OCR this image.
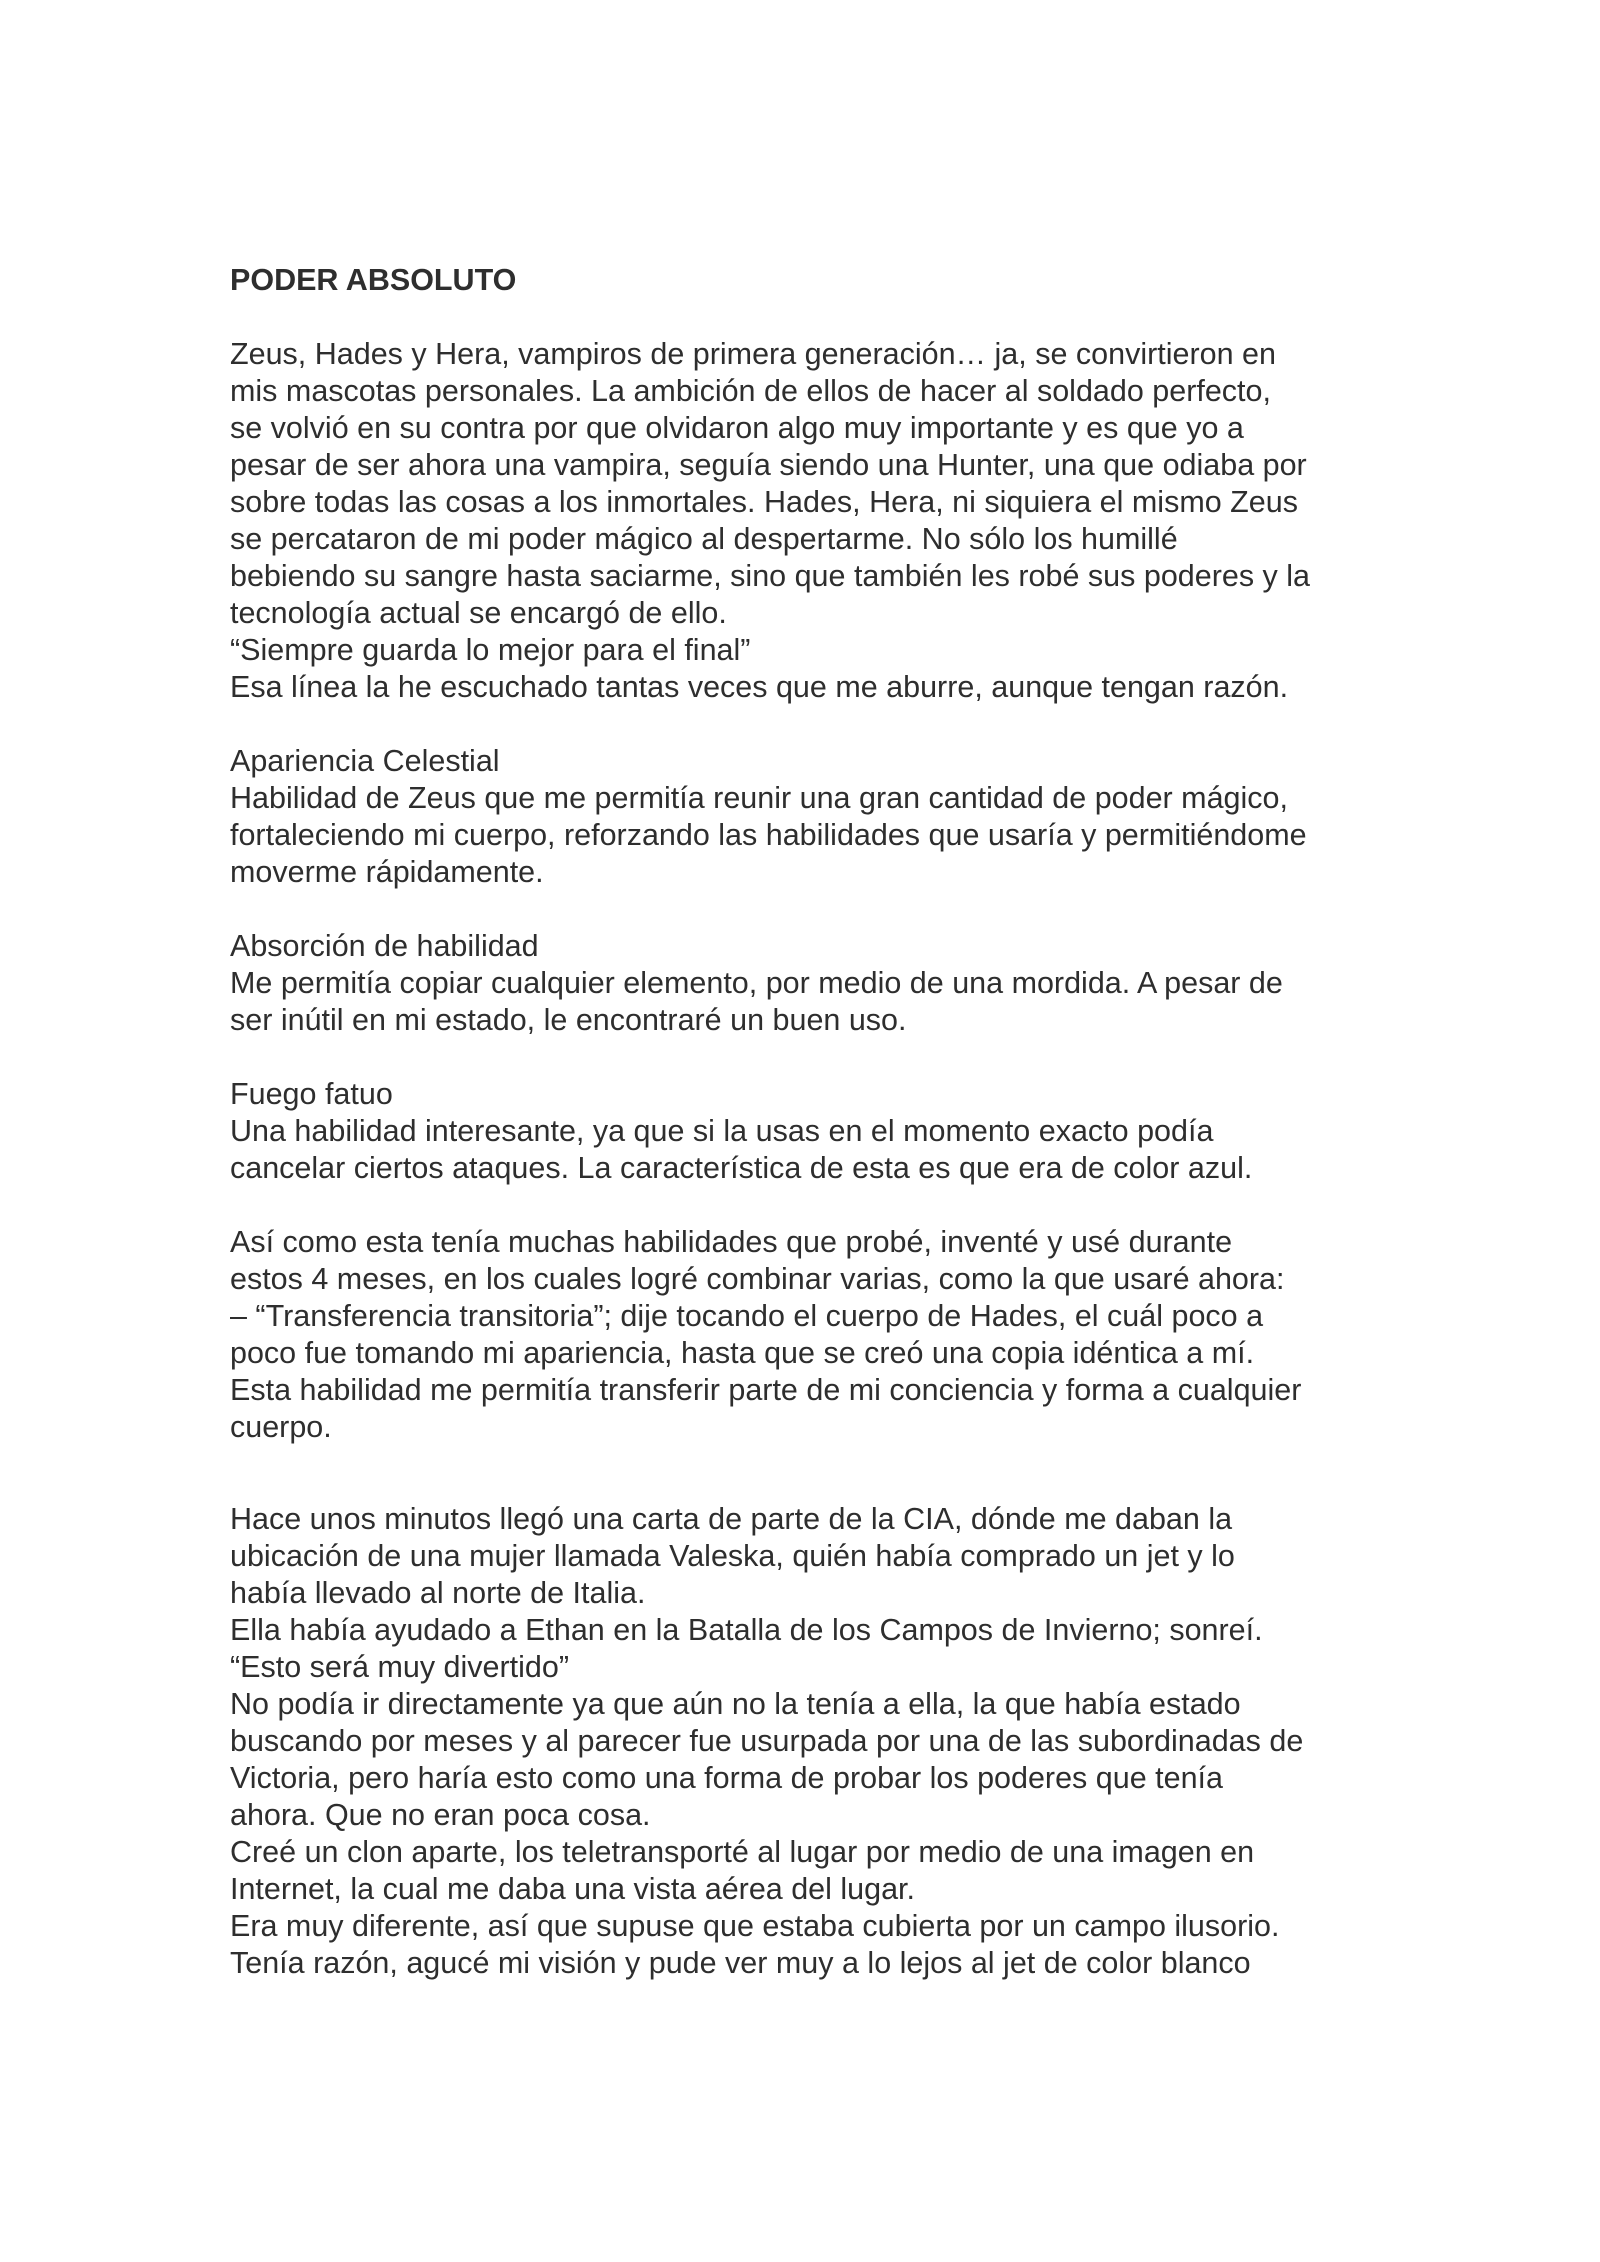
PODER ABSOLUTO
Zeus, Hades y Hera, vampiros de primera generación… ja, se convirtieron en
mis mascotas personales. La ambición de ellos de hacer al soldado perfecto,
se volvió en su contra por que olvidaron algo muy importante y es que yo a
pesar de ser ahora una vampira, seguía siendo una Hunter, una que odiaba por
sobre todas las cosas a los inmortales. Hades, Hera, ni siquiera el mismo Zeus
se percataron de mi poder mágico al despertarme. No sólo los humillé
bebiendo su sangre hasta saciarme, sino que también les robé sus poderes y la
tecnología actual se encargó de ello.
“Siempre guarda lo mejor para el final”
Esa línea la he escuchado tantas veces que me aburre, aunque tengan razón.
Apariencia Celestial
Habilidad de Zeus que me permitía reunir una gran cantidad de poder mágico,
fortaleciendo mi cuerpo, reforzando las habilidades que usaría y permitiéndome
moverme rápidamente.
Absorción de habilidad
Me permitía copiar cualquier elemento, por medio de una mordida. A pesar de
ser inútil en mi estado, le encontraré un buen uso.
Fuego fatuo
Una habilidad interesante, ya que si la usas en el momento exacto podía
cancelar ciertos ataques. La característica de esta es que era de color azul.
Así como esta tenía muchas habilidades que probé, inventé y usé durante
estos 4 meses, en los cuales logré combinar varias, como la que usaré ahora:
– “Transferencia transitoria”; dije tocando el cuerpo de Hades, el cuál poco a
poco fue tomando mi apariencia, hasta que se creó una copia idéntica a mí.
Esta habilidad me permitía transferir parte de mi conciencia y forma a cualquier
cuerpo.
Hace unos minutos llegó una carta de parte de la CIA, dónde me daban la
ubicación de una mujer llamada Valeska, quién había comprado un jet y lo
había llevado al norte de Italia.
Ella había ayudado a Ethan en la Batalla de los Campos de Invierno; sonreí.
“Esto será muy divertido”
No podía ir directamente ya que aún no la tenía a ella, la que había estado
buscando por meses y al parecer fue usurpada por una de las subordinadas de
Victoria, pero haría esto como una forma de probar los poderes que tenía
ahora. Que no eran poca cosa.
Creé un clon aparte, los teletransporté al lugar por medio de una imagen en
Internet, la cual me daba una vista aérea del lugar.
Era muy diferente, así que supuse que estaba cubierta por un campo ilusorio.
Tenía razón, agucé mi visión y pude ver muy a lo lejos al jet de color blanco
